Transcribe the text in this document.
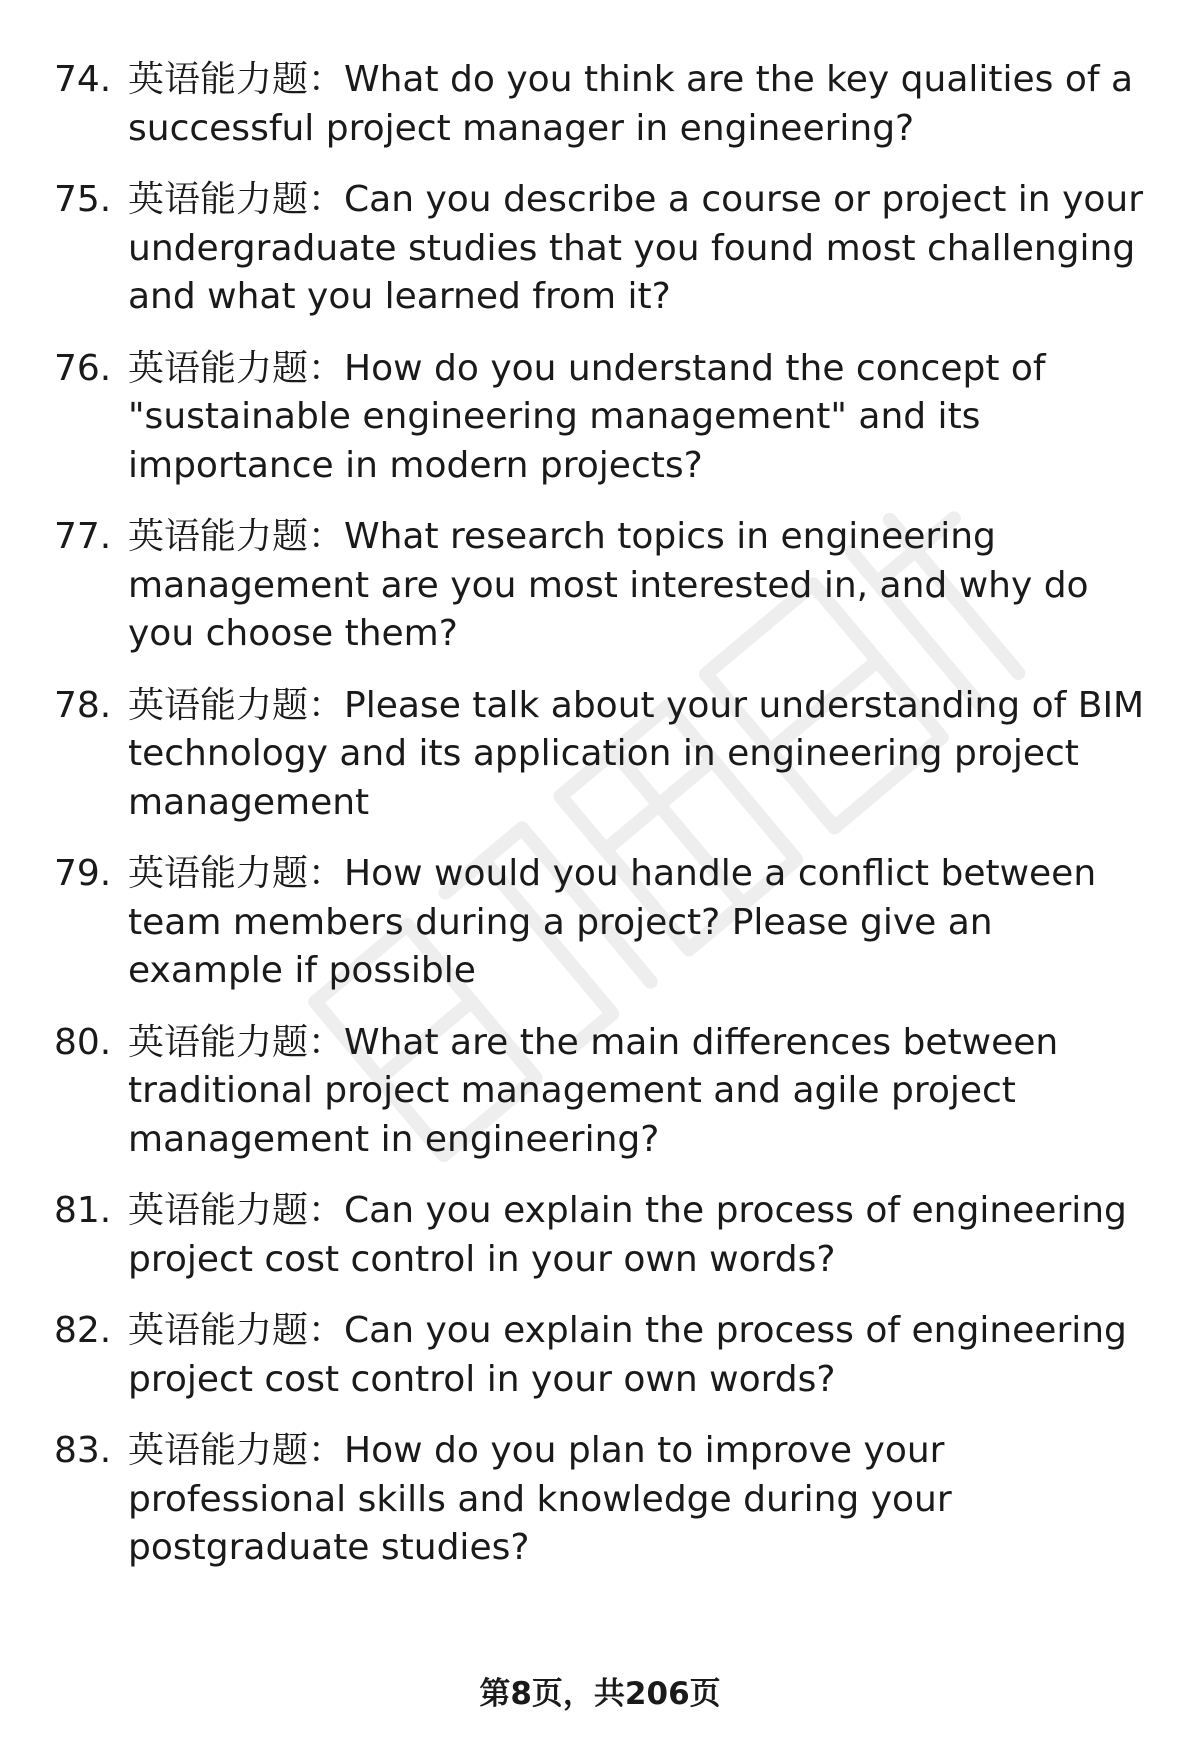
74. 英语能力题：What do you think are the key qualities of a successful project manager in engineering?
75. 英语能力题：Can you describe a course or project in your undergraduate studies that you found most challenging and what you learned from it?
76. 英语能力题：How do you understand the concept of "sustainable engineering management" and its importance in modern projects?
77. 英语能力题：What research topics in engineering management are you most interested in, and why do you choose them?
78. 英语能力题：Please talk about your understanding of BIM technology and its application in engineering project management
79. 英语能力题：How would you handle a conflict between team members during a project? Please give an example if possible
80. 英语能力题：What are the main differences between traditional project management and agile project management in engineering?
81. 英语能力题：Can you explain the process of engineering project cost control in your own words?
82. 英语能力题：Can you explain the process of engineering project cost control in your own words?
83. 英语能力题：How do you plan to improve your professional skills and knowledge during your postgraduate studies?
第8页，共206页
